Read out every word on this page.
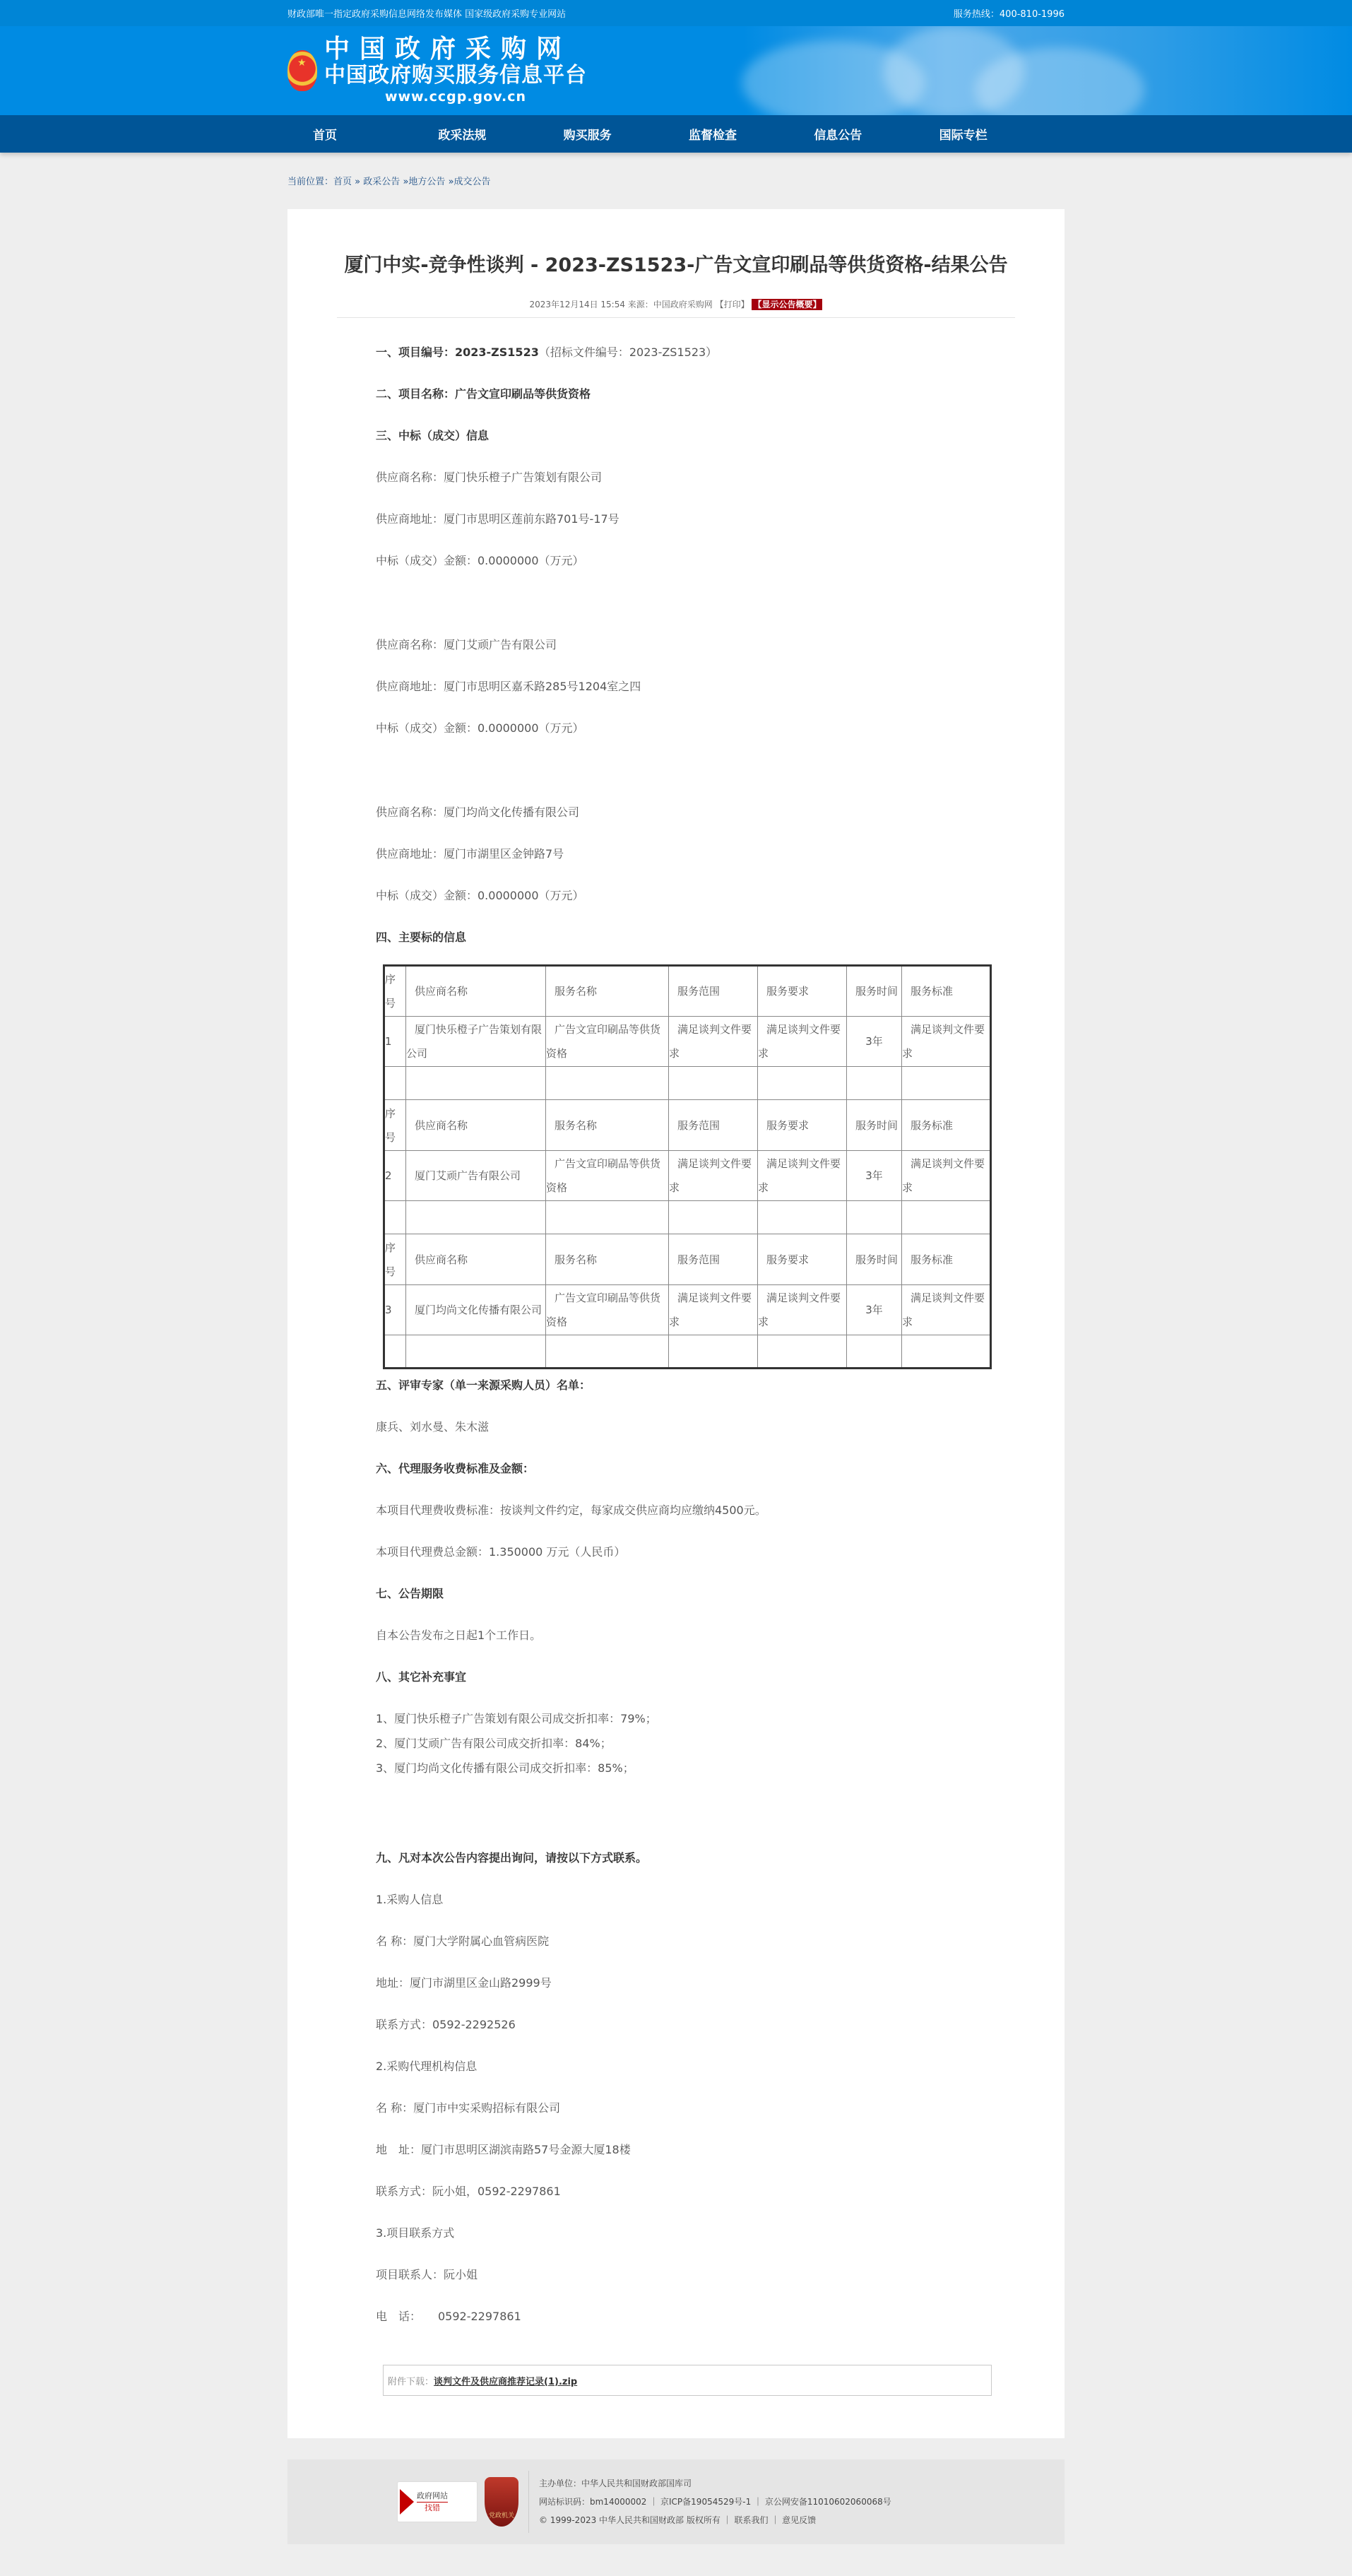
财政部唯一指定政府采购信息网络发布媒体 国家级政府采购专业网站	服务热线：400-810-1996
★
中国政府采购网
中国政府购买服务信息平台
www.ccgp.gov.cn
首页	政采法规	购买服务	监督检查	信息公告	国际专栏
当前位置：首页 » 政采公告 »地方公告 »成交公告
厦门中实-竞争性谈判 - 2023-ZS1523-广告文宣印刷品等供货资格-结果公告
2023年12月14日 15:54 来源：中国政府采购网 【打印】 【显示公告概要】

一、项目编号：2023-ZS1523（招标文件编号：2023-ZS1523）

二、项目名称：广告文宣印刷品等供货资格

三、中标（成交）信息

供应商名称：厦门快乐橙子广告策划有限公司

供应商地址：厦门市思明区莲前东路701号-17号

中标（成交）金额：0.0000000（万元）

供应商名称：厦门艾顽广告有限公司

供应商地址：厦门市思明区嘉禾路285号1204室之四

中标（成交）金额：0.0000000（万元）

供应商名称：厦门均尚文化传播有限公司

供应商地址：厦门市湖里区金钟路7号

中标（成交）金额：0.0000000（万元）

四、主要标的信息

序号	供应商名称	服务名称	服务范围	服务要求	服务时间	服务标准
1	厦门快乐橙子广告策划有限公司	广告文宣印刷品等供货资格	满足谈判文件要求	满足谈判文件要求	3年	满足谈判文件要求

序号	供应商名称	服务名称	服务范围	服务要求	服务时间	服务标准
2	厦门艾顽广告有限公司	广告文宣印刷品等供货资格	满足谈判文件要求	满足谈判文件要求	3年	满足谈判文件要求

序号	供应商名称	服务名称	服务范围	服务要求	服务时间	服务标准
3	厦门均尚文化传播有限公司	广告文宣印刷品等供货资格	满足谈判文件要求	满足谈判文件要求	3年	满足谈判文件要求

五、评审专家（单一来源采购人员）名单：

康兵、刘水曼、朱木滋

六、代理服务收费标准及金额：

本项目代理费收费标准：按谈判文件约定，每家成交供应商均应缴纳4500元。

本项目代理费总金额：1.350000 万元（人民币）

七、公告期限

自本公告发布之日起1个工作日。

八、其它补充事宜

1、厦门快乐橙子广告策划有限公司成交折扣率：79%；

2、厦门艾顽广告有限公司成交折扣率：84%；

3、厦门均尚文化传播有限公司成交折扣率：85%；

九、凡对本次公告内容提出询问，请按以下方式联系。

1.采购人信息

名 称：厦门大学附属心血管病医院

地址：厦门市湖里区金山路2999号

联系方式：0592-2292526

2.采购代理机构信息

名 称：厦门市中实采购招标有限公司

地　址：厦门市思明区湖滨南路57号金源大厦18楼

联系方式：阮小姐，0592-2297861

3.项目联系方式

项目联系人：阮小姐

电　话：　　0592-2297861

附件下载： 谈判文件及供应商推荐记录(1).zip
政府网站
找错
党政机关
主办单位：中华人民共和国财政部国库司
网站标识码：bm14000002 ｜ 京ICP备19054529号-1 ｜ 京公网安备11010602060068号
© 1999-2023 中华人民共和国财政部 版权所有 ｜ 联系我们 ｜ 意见反馈
